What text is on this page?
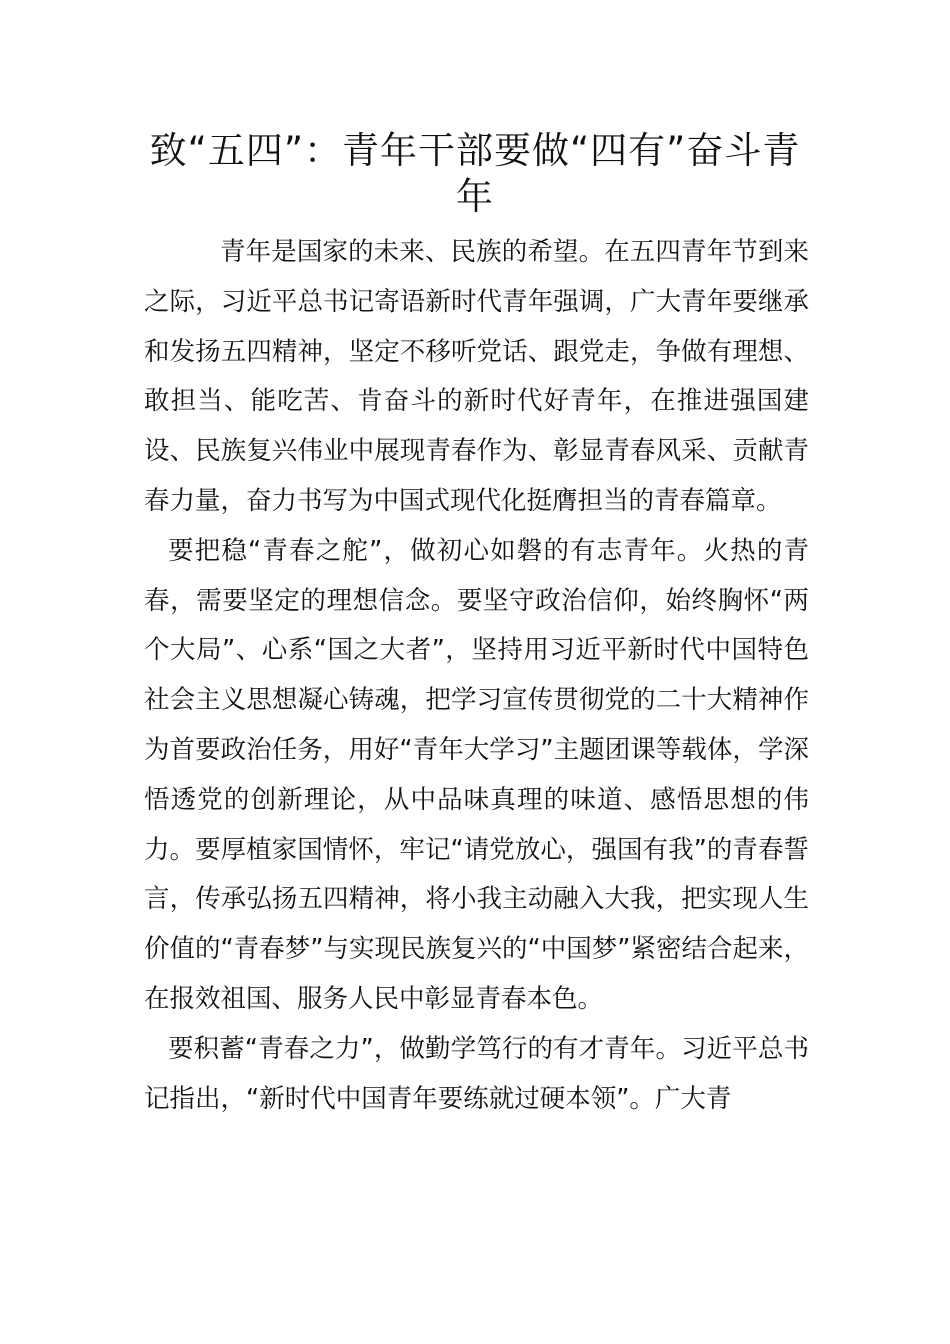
致“五四”：青年干部要做“四有”奋斗青年

青年是国家的未来、民族的希望。在五四青年节到来之际，习近平总书记寄语新时代青年强调，广大青年要继承和发扬五四精神，坚定不移听党话、跟党走，争做有理想、敢担当、能吃苦、肯奋斗的新时代好青年，在推进强国建设、民族复兴伟业中展现青春作为、彰显青春风采、贡献青春力量，奋力书写为中国式现代化挺膺担当的青春篇章。

要把稳“青春之舵”，做初心如磐的有志青年。火热的青春，需要坚定的理想信念。要坚守政治信仰，始终胸怀“两个大局”、心系“国之大者”，坚持用习近平新时代中国特色社会主义思想凝心铸魂，把学习宣传贯彻党的二十大精神作为首要政治任务，用好“青年大学习”主题团课等载体，学深悟透党的创新理论，从中品味真理的味道、感悟思想的伟力。要厚植家国情怀，牢记“请党放心，强国有我”的青春誓言，传承弘扬五四精神，将小我主动融入大我，把实现人生价值的“青春梦”与实现民族复兴的“中国梦”紧密结合起来，在报效祖国、服务人民中彰显青春本色。

要积蓄“青春之力”，做勤学笃行的有才青年。习近平总书记指出，“新时代中国青年要练就过硬本领”。广大青
